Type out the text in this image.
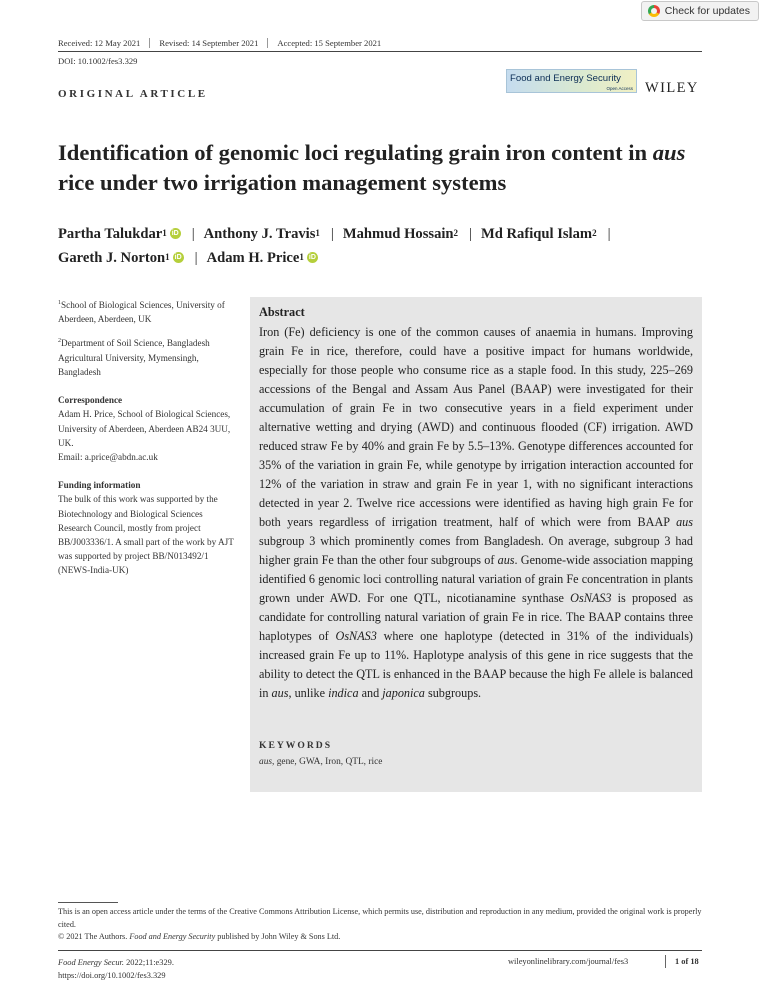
Check for updates
Received: 12 May 2021 Revised: 14 September 2021 Accepted: 15 September 2021
DOI: 10.1002/fes3.329
ORIGINAL ARTICLE
Food and Energy Security
Open Access WILEY
Identification of genomic loci regulating grain iron content in aus rice under two irrigation management systems
Partha Talukdar$^1$ iD | Anthony J. Travis$^1$ | Mahmud Hossain$^2$ | Md Rafiqul Islam$^2$ |

Gareth J. Norton$^1$ iD | Adam H. Price$^1$ iD
$^1$School of Biological Sciences, University of Aberdeen, Aberdeen, UK
$^2$Department of Soil Science, Bangladesh Agricultural University, Mymensingh, Bangladesh
Correspondence
Adam H. Price, School of Biological Sciences, University of Aberdeen, Aberdeen AB24 3UU, UK.
Email: a.price@abdn.ac.uk
Funding information
The bulk of this work was supported by the Biotechnology and Biological Sciences Research Council, mostly from project BB/J003336/1. A small part of the work by AJT was supported by project BB/N013492/1 (NEWS-India-UK)
Abstract

Iron (Fe) deficiency is one of the common causes of anaemia in humans. Improving grain Fe in rice, therefore, could have a positive impact for humans worldwide, especially for those people who consume rice as a staple food. In this study, 225–269 accessions of the Bengal and Assam Aus Panel (BAAP) were investigated for their accumulation of grain Fe in two consecutive years in a field experiment under alternative wetting and drying (AWD) and continuous flooded (CF) irrigation. AWD reduced straw Fe by 40% and grain Fe by 5.5–13%. Genotype differences accounted for 35% of the variation in grain Fe, while genotype by irrigation interaction accounted for 12% of the variation in straw and grain Fe in year 1, with no significant interactions detected in year 2. Twelve rice accessions were identified as having high grain Fe for both years regardless of irrigation treatment, half of which were from BAAP aus subgroup 3 which prominently comes from Bangladesh. On average, subgroup 3 had higher grain Fe than the other four subgroups of aus. Genome-wide association mapping identified 6 genomic loci controlling natural variation of grain Fe concentration in plants grown under AWD. For one QTL, nicotianamine synthase OsNAS3 is proposed as candidate for controlling natural variation of grain Fe in rice. The BAAP contains three haplotypes of OsNAS3 where one haplotype (detected in 31% of the individuals) increased grain Fe up to 11%. Haplotype analysis of this gene in rice suggests that the ability to detect the QTL is enhanced in the BAAP because the high Fe allele is balanced in aus, unlike indica and japonica subgroups.

KEYWORDS
aus, gene, GWA, Iron, QTL, rice
This is an open access article under the terms of the Creative Commons Attribution License, which permits use, distribution and reproduction in any medium, provided the original work is properly cited.
© 2021 The Authors. Food and Energy Security published by John Wiley & Sons Ltd.
Food Energy Secur. 2022;11:e329.
https://doi.org/10.1002/fes3.329
wileyonlinelibrary.com/journal/fes3	1 of 18
